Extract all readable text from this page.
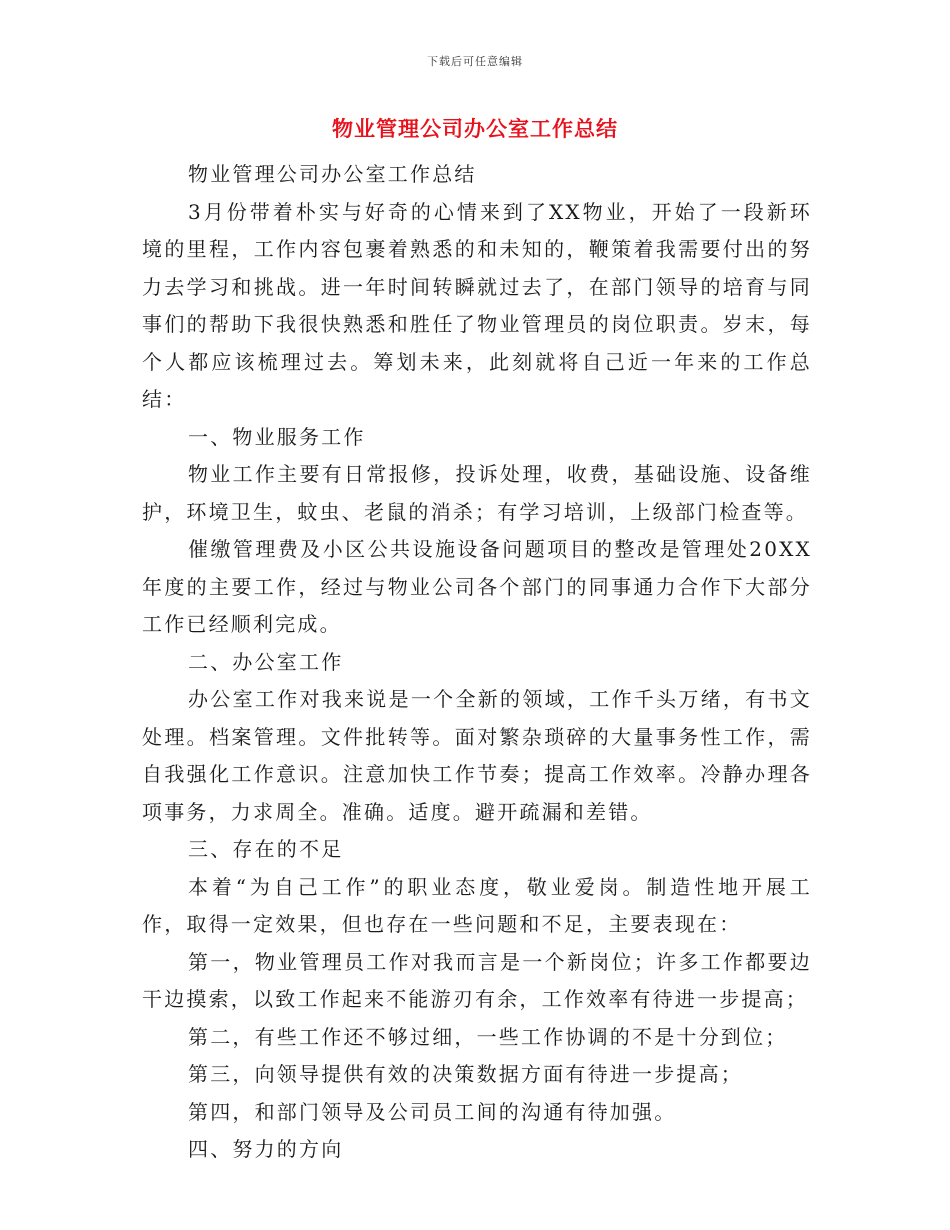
下载后可任意编辑
物业管理公司办公室工作总结

物业管理公司办公室工作总结

3月份带着朴实与好奇的心情来到了XX物业，开始了一段新环境的里程，工作内容包裹着熟悉的和未知的，鞭策着我需要付出的努力去学习和挑战。进一年时间转瞬就过去了，在部门领导的培育与同事们的帮助下我很快熟悉和胜任了物业管理员的岗位职责。岁末，每个人都应该梳理过去。筹划未来，此刻就将自己近一年来的工作总结：

一、物业服务工作

物业工作主要有日常报修，投诉处理，收费，基础设施、设备维护，环境卫生，蚊虫、老鼠的消杀；有学习培训，上级部门检查等。

催缴管理费及小区公共设施设备问题项目的整改是管理处20XX年度的主要工作，经过与物业公司各个部门的同事通力合作下大部分工作已经顺利完成。

二、办公室工作

办公室工作对我来说是一个全新的领域，工作千头万绪，有书文处理。档案管理。文件批转等。面对繁杂琐碎的大量事务性工作，需自我强化工作意识。注意加快工作节奏；提高工作效率。冷静办理各项事务，力求周全。准确。适度。避开疏漏和差错。

三、存在的不足

本着“为自己工作”的职业态度，敬业爱岗。制造性地开展工作，取得一定效果，但也存在一些问题和不足，主要表现在：

第一，物业管理员工作对我而言是一个新岗位；许多工作都要边干边摸索，以致工作起来不能游刃有余，工作效率有待进一步提高；

第二，有些工作还不够过细，一些工作协调的不是十分到位；

第三，向领导提供有效的决策数据方面有待进一步提高；

第四，和部门领导及公司员工间的沟通有待加强。

四、努力的方向
